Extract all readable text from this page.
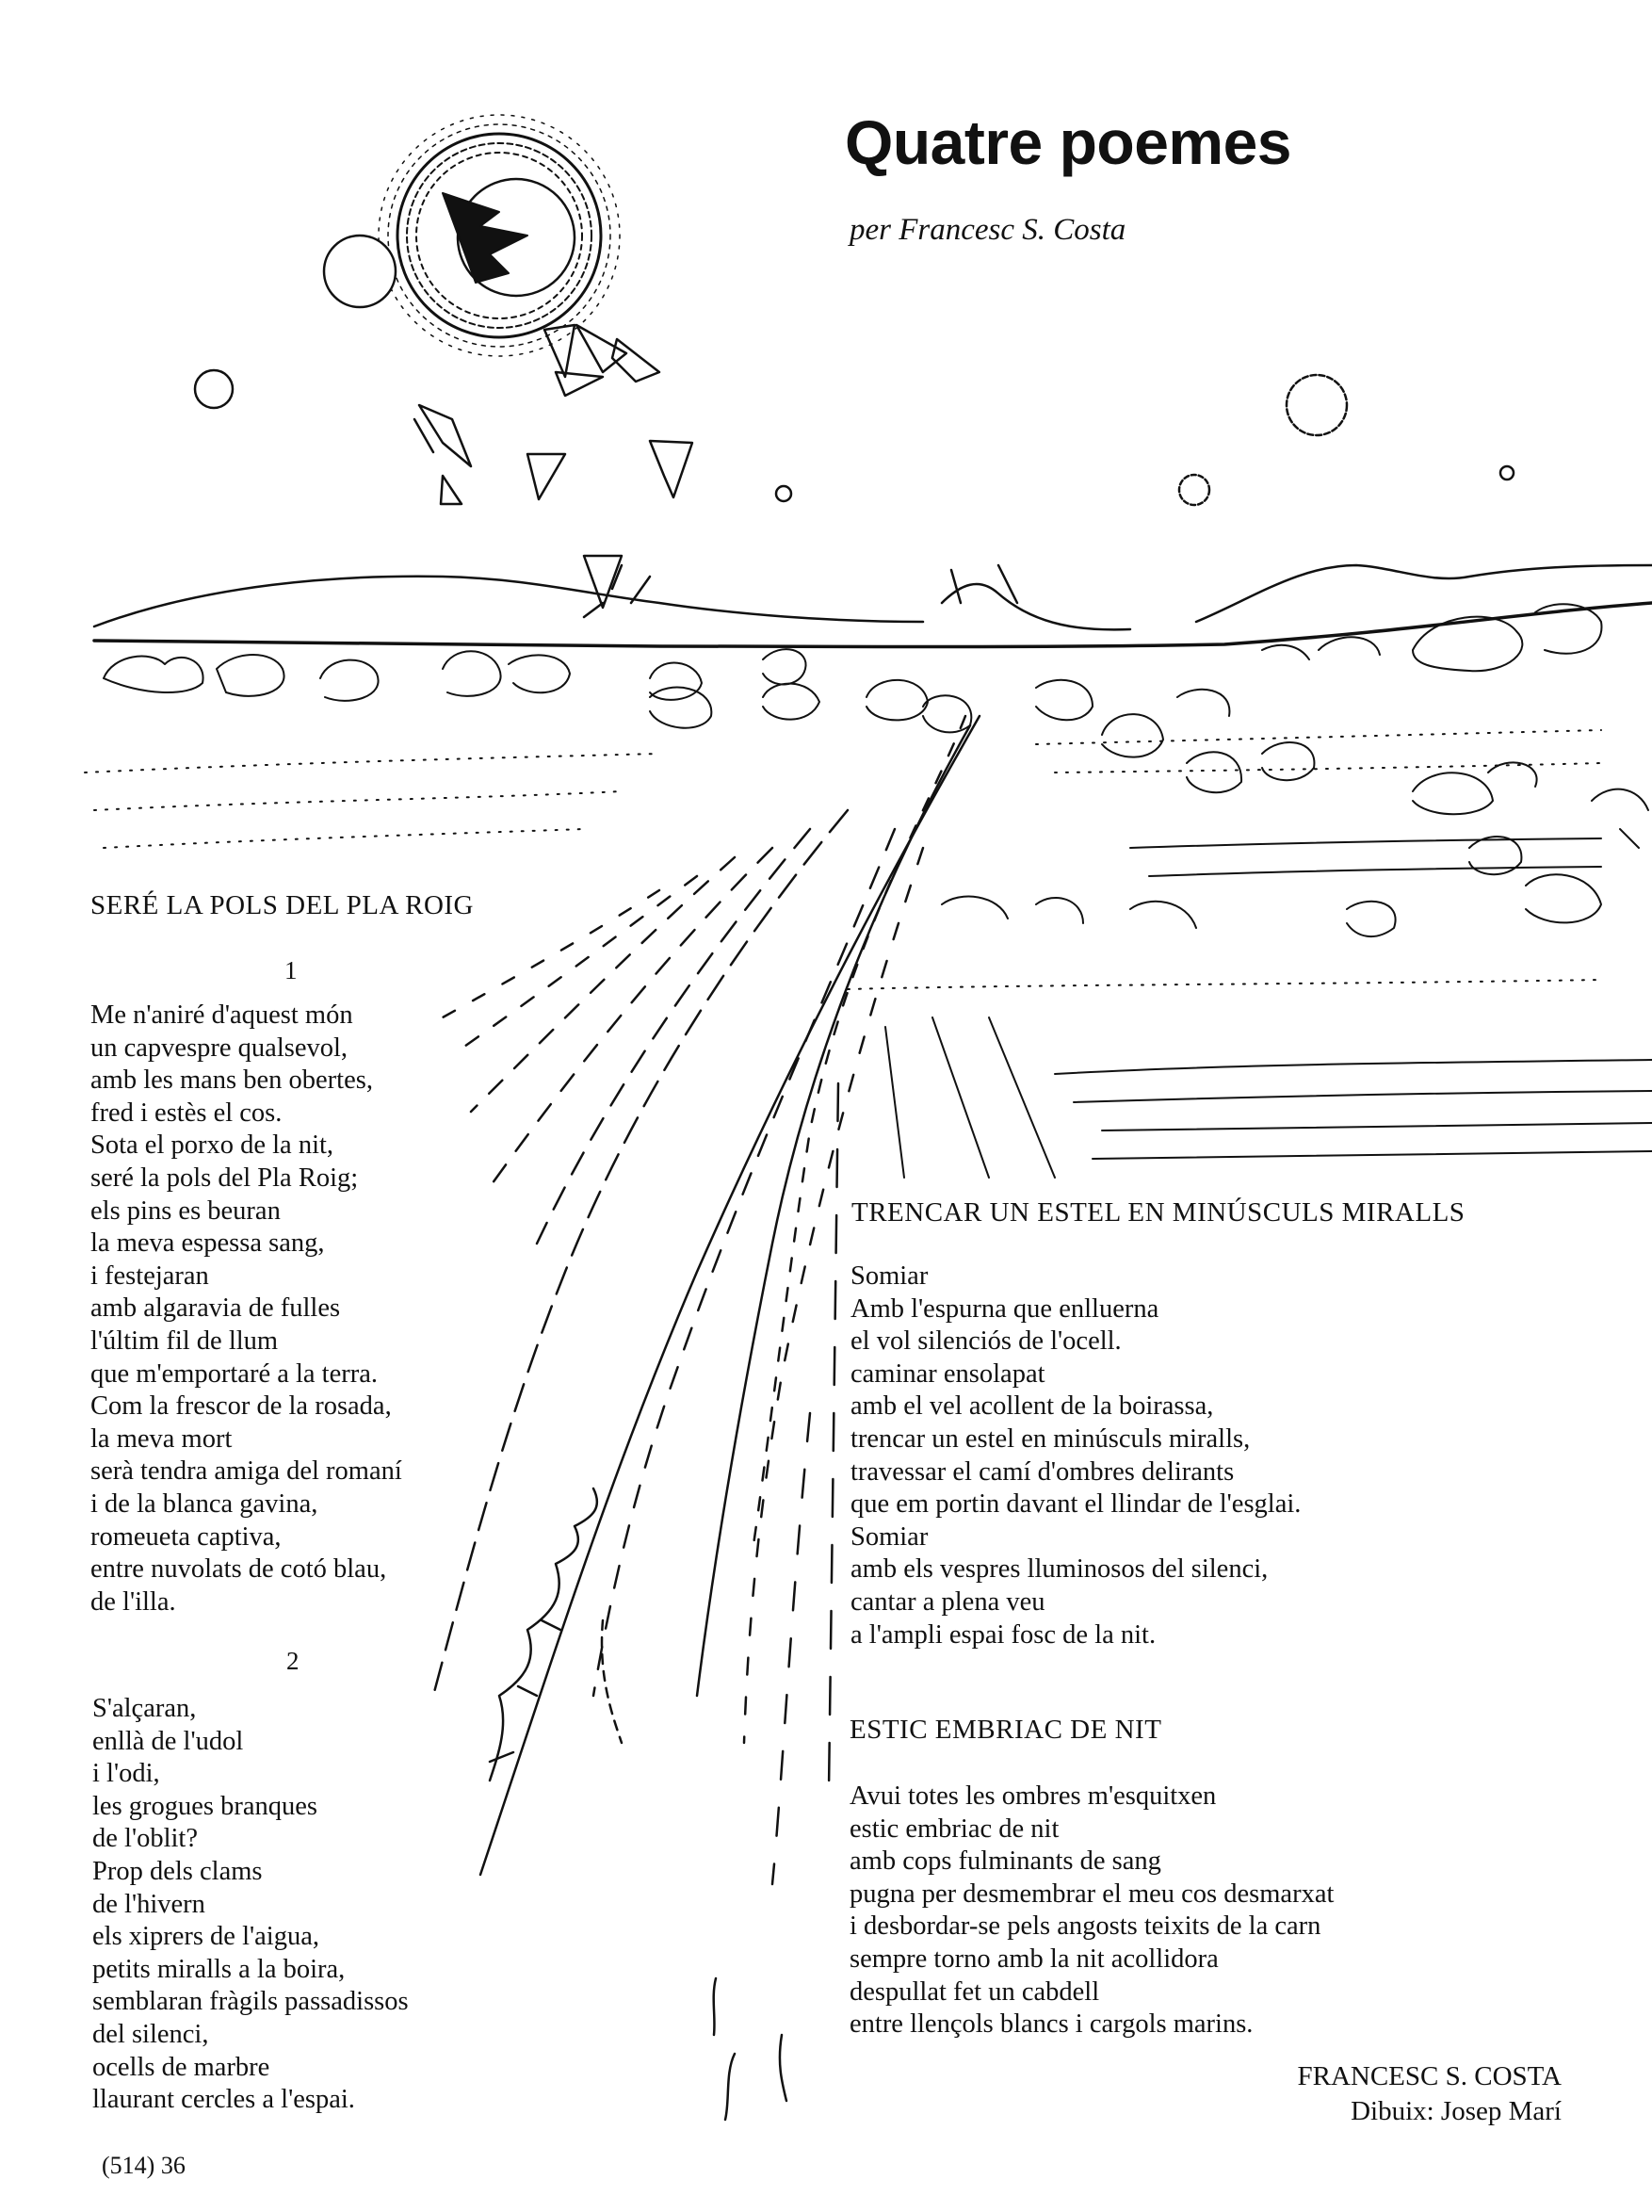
Quatre poemes
per Francesc S. Costa
SERÉ LA POLS DEL PLA ROIG
1
Me n'aniré d'aquest món
un capvespre qualsevol,
amb les mans ben obertes,
fred i estès el cos.
Sota el porxo de la nit,
seré la pols del Pla Roig;
els pins es beuran
la meva espessa sang,
i festejaran
amb algaravia de fulles
l'últim fil de llum
que m'emportaré a la terra.
Com la frescor de la rosada,
la meva mort
serà tendra amiga del romaní
i de la blanca gavina,
romeueta captiva,
entre nuvolats de cotó blau,
de l'illa.
2
S'alçaran,
enllà de l'udol
i l'odi,
les grogues branques
de l'oblit?
Prop dels clams
de l'hivern
els xiprers de l'aigua,
petits miralls a la boira,
semblaran fràgils passadissos
del silenci,
ocells de marbre
llaurant cercles a l'espai.
TRENCAR UN ESTEL EN MINÚSCULS MIRALLS
Somiar
Amb l'espurna que enlluerna
el vol silenciós de l'ocell.
caminar ensolapat
amb el vel acollent de la boirassa,
trencar un estel en minúsculs miralls,
travessar el camí d'ombres delirants
que em portin davant el llindar de l'esglai.
Somiar
amb els vespres lluminosos del silenci,
cantar a plena veu
a l'ampli espai fosc de la nit.
ESTIC EMBRIAC DE NIT
Avui totes les ombres m'esquitxen
estic embriac de nit
amb cops fulminants de sang
pugna per desmembrar el meu cos desmarxat
i desbordar-se pels angosts teixits de la carn
sempre torno amb la nit acollidora
despullat fet un cabdell
entre llençols blancs i cargols marins.
FRANCESC S. COSTA
Dibuix: Josep Marí
(514) 36
